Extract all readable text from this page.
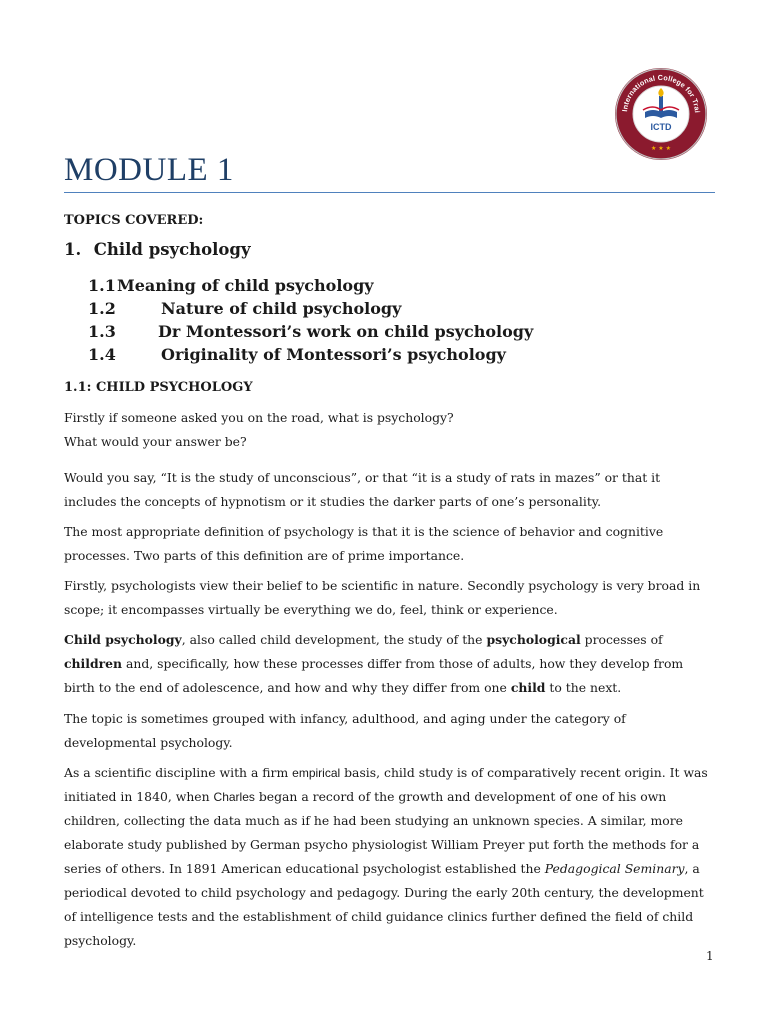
International College for Trai
ICTD
★ ★ ★
MODULE 1
TOPICS COVERED:
1. Child psychology
1.1 Meaning of child psychology
1.2	Nature of child psychology
1.3	Dr Montessori’s work on child psychology
1.4	Originality of Montessori’s psychology
1.1: CHILD PSYCHOLOGY

Firstly if someone asked you on the road, what is psychology?
What would your answer be?

Would you say, “It is the study of unconscious”, or that “it is a study of rats in mazes” or that it includes the concepts of hypnotism or it studies the darker parts of one’s personality.

The most appropriate definition of psychology is that it is the science of behavior and cognitive processes. Two parts of this definition are of prime importance.

Firstly, psychologists view their belief to be scientific in nature. Secondly psychology is very broad in scope; it encompasses virtually be everything we do, feel, think or experience.

Child psychology, also called child development, the study of the psychological processes of children and, specifically, how these processes differ from those of adults, how they develop from birth to the end of adolescence, and how and why they differ from one child to the next.

The topic is sometimes grouped with infancy, adulthood, and aging under the category of developmental psychology.

As a scientific discipline with a firm empirical basis, child study is of comparatively recent origin. It was initiated in 1840, when Charles began a record of the growth and development of one of his own children, collecting the data much as if he had been studying an unknown species. A similar, more elaborate study published by German psycho physiologist William Preyer put forth the methods for a series of others. In 1891 American educational psychologist established the Pedagogical Seminary, a periodical devoted to child psychology and pedagogy. During the early 20th century, the development of intelligence tests and the establishment of child guidance clinics further defined the field of child psychology.

1
